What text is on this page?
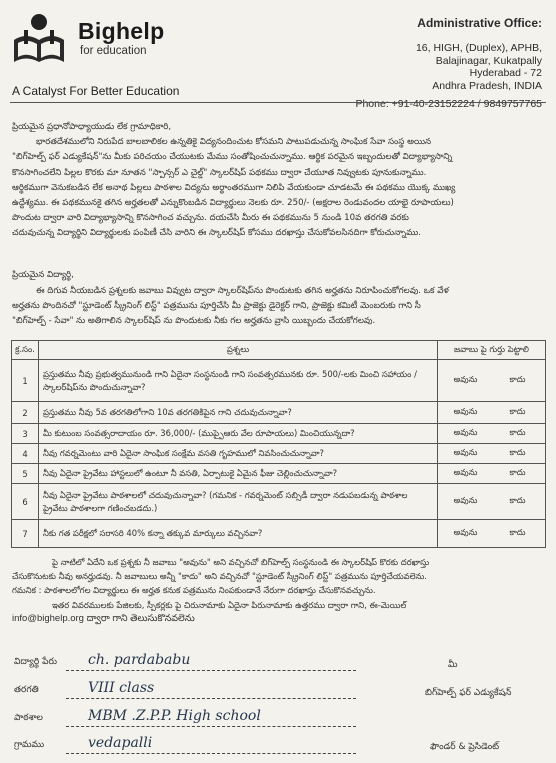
Bighelp
for education
A Catalyst For Better Education
Administrative Office:
16, HIGH, (Duplex), APHB,
Balajinagar, Kukatpally
Hyderabad - 72
Andhra Pradesh, INDIA
Phone: +91-40-23152224 / 9849757765
ప్రియమైన ప్రధానోపాధ్యాయుడు లేక గ్రామాధికారి,
భారతదేశములోని నిరుపేద బాలబాలికల ఉన్నతికై విద్యనందించుట కోసమని పాటుపడుచున్న సాంఘిక సేవా సంస్థ అయిన
"బిగ్‌హెల్ప్ ఫర్ ఎడ్యుకేషన్"ను మీకు పరిచయం చేయుటకు మేము సంతోషించుచున్నాము. ఆర్థిక పరమైన ఇబ్బందులతో విద్యాభ్యాసాన్ని
కొనసాగించలేని పిల్లల కొరకు మా నూతన "స్పాన్సర్ ఎ చైల్డ్" స్కాలర్‌షిప్ పథకము ద్వారా చేయూత నివ్వుటకు పూనుకున్నాము.
ఆర్థికముగా వెనుకబడిన లేక అనాథ పిల్లలు పాఠశాల విద్యను అర్థాంతరముగా నిలిపి వేయకుండా చూడటమే ఈ పథకము యొక్క ముఖ్య
ఉద్దేశ్యము. ఈ పథకమునకై తగిన అర్హతలతో ఎన్నుకొంబడిన విద్యార్థులు నెలకు రూ. 250/- (అక్షరాల రెండువందల యాభై రూపాయలు)
పొందుట ద్వారా వారి విద్యాభ్యాసాన్ని కొనసాగించ వచ్చును. దయచేసి మీరు ఈ పథకమును 5 నుండి 10వ తరగతి వరకు
చదువుచున్న విద్యార్థిని విద్యార్థులకు పంపిణీ చేసి వారిని ఈ స్కాలర్‌షిప్ కోసము దరఖాస్తు చేసుకోవలసినదిగా కోరుచున్నాము.
ప్రియమైన విద్యార్థి,
ఈ దిగువ నీయబడిన ప్రశ్నలకు జవాబు వివ్వుట ద్వారా స్కాలర్‌షిప్‌ను పొందుటకు తగిన అర్హతను నిరూపించుకోగలవు. ఒక వేళ
అర్హతను పొందినచో "స్టూడెంట్ స్క్రీనింగ్ లిస్ట్" పత్రమును పూర్తిచేసి మీ ప్రాజెక్టు డైరెక్టర్ గాని, ప్రాజెక్టు కమిటీ మెంబరుకు గాని సీ
"బిగ్‌హెల్ప్ - సేవా" ను అతిగాలిన స్కాలర్‌షిప్ ను పొందుటకు నీకు గల అర్హతను వ్రాసి యిబ్బందు చేయకోగలవు.
క్ర.సం.	ప్రశ్నలు	జవాబు పై గుర్తు పెట్టాలి
1	ప్రస్తుతము నీవు ప్రభుత్వమునుండి గాని ఏదైనా సంస్థనుండి గాని సంవత్సరమునకు రూ. 500/-లకు మించి సహాయం / స్కాలర్‌షిప్‌ను పొందుచున్నావా?	అవును కాదు
2	ప్రస్తుతము నీవు 5వ తరగతిలోగాని 10వ తరగతికిపైన గాని చదువుచున్నావా?	అవును కాదు
3	మీ కుటుంబ సంవత్సరాదాయం రూ. 36,000/- (ముప్పైఆరు వేల రూపాయలు) మించియున్నదా?	అవును కాదు
4	నీవు గవర్నమెంటు వారి ఏదైనా సాంఘిక సంక్షేమ వసతి గృహములో నివసించుచున్నావా?	అవును కాదు
5	నీవు ఏదైనా ప్రైవేటు హాస్టలులో ఉంటూ నీ వసతి, ఏర్పాటుకై ఏమైన ఫీజు చెల్లించుచున్నావా?	అవును కాదు
6	నీవు ఏదైనా ప్రైవేటు పాఠశాలలో చదువుచున్నావా? (గమనిక - గవర్నమెంట్ సబ్సిడీ ద్వారా నడుపబడున్న పాఠశాల ప్రైవేటు పాఠశాలగా గణించబడదు.)	అవును కాదు
7	నీకు గత పరీక్షలో సరాసరి 40% కన్నా తక్కువ మార్కులు వచ్చినవా?	అవును కాదు
పై నాటిలో ఏదేని ఒక ప్రశ్నకు నీ జవాబు "అవును" అని వచ్చినచో బిగ్‌హెల్ప్ సంస్థనుండి ఈ స్కాలర్‌షిప్ కొరకు దరఖాస్తు
చేసుకొనుటకు నీవు అనర్హుడవు. నీ జవాబులు అన్నీ "కాదు" అని వచ్చినచో "స్టూడెంట్ స్క్రీనింగ్ లిస్ట్" పత్రమును పూర్తిచేయవలెను.
గమనిక : పాఠశాలలోగల విద్యార్థులు ఈ అర్హత కనుక పత్రమును నింపకుండానే నేరుగా దరఖాస్తు చేసుకొనవచ్చును.
ఇతర వివరములకు పేజిలకు, స్పీకర్లకు పై చిరునామాకు ఏదైనా పిరునామాకు ఉత్తరము ద్వారా గాని, ఈ-మెయిల్
info@bighelp.org ద్వారా గాని తెలుసుకొనవలెను
విద్యార్థి పేరు ch. pardababu
తరగతి	VIII class
పాఠశాల	MBM .Z.P.P. High school
గ్రామము	vedapalli
మీ
బిగ్‌హెల్ప్ ఫర్ ఎడ్యుకేషన్
ఫౌండర్ & ప్రెసిడెంట్
